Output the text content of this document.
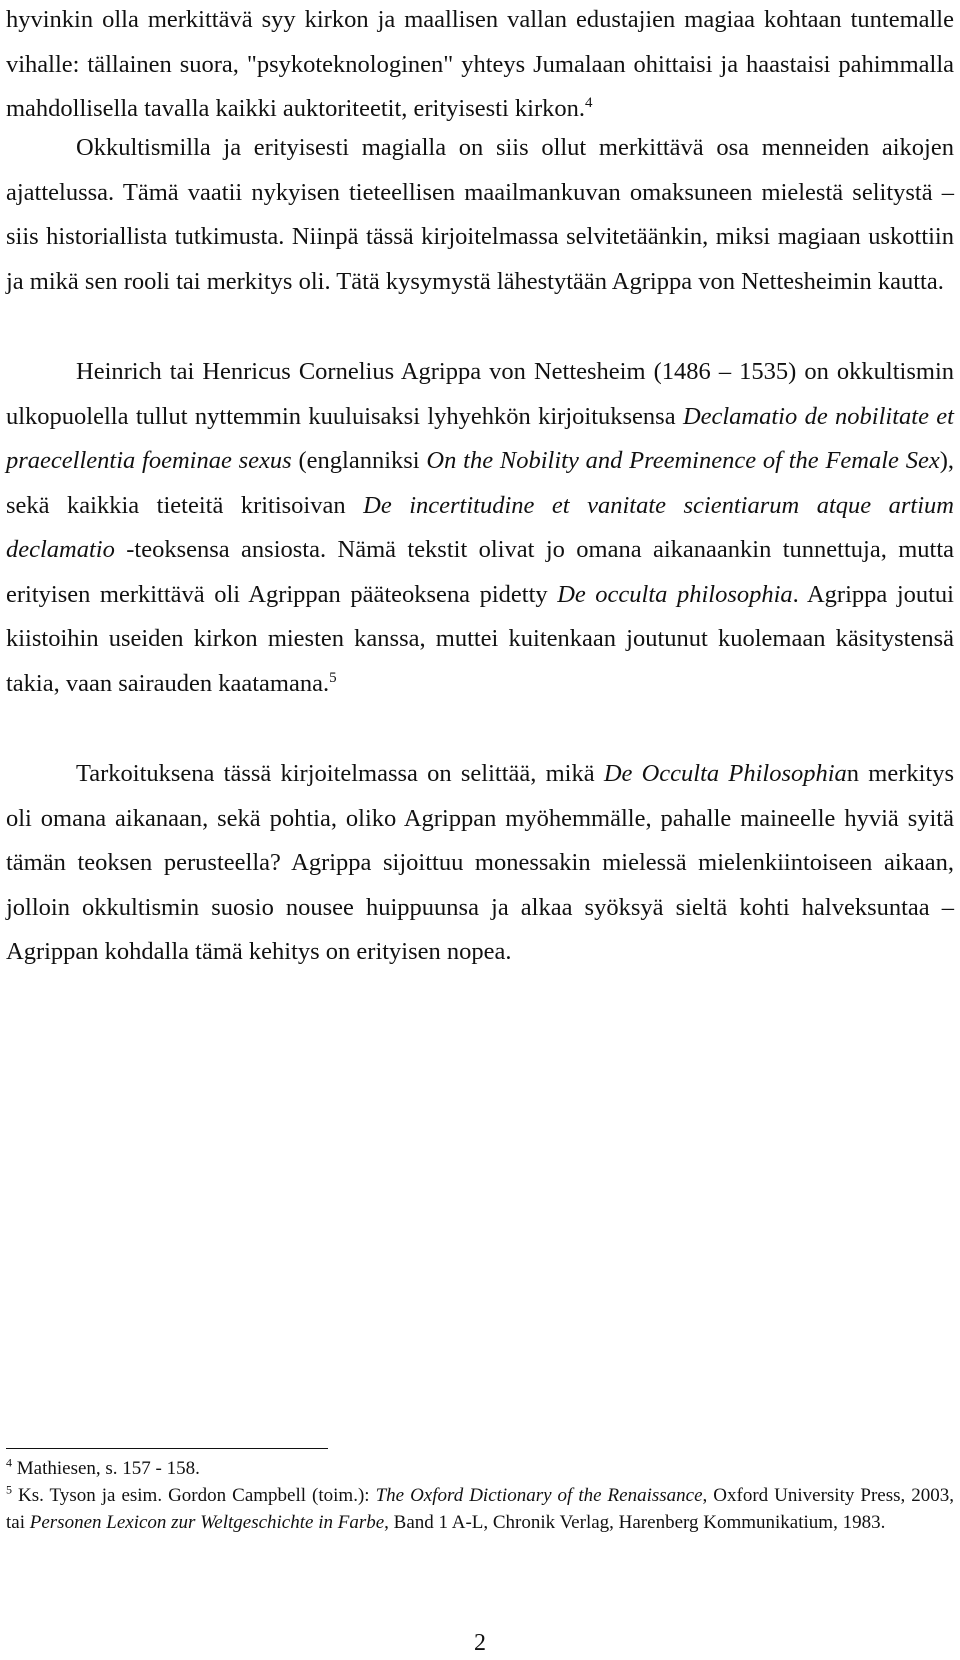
hyvinkin olla merkittävä syy kirkon ja maallisen vallan edustajien magiaa kohtaan tuntemalle vihalle: tällainen suora, "psykoteknologinen" yhteys Jumalaan ohittaisi ja haastaisi pahimmalla mahdollisella tavalla kaikki auktoriteetit, erityisesti kirkon.$^4$

Okkultismilla ja erityisesti magialla on siis ollut merkittävä osa menneiden aikojen ajattelussa. Tämä vaatii nykyisen tieteellisen maailmankuvan omaksuneen mielestä selitystä – siis historiallista tutkimusta. Niinpä tässä kirjoitelmassa selvitetäänkin, miksi magiaan uskottiin ja mikä sen rooli tai merkitys oli. Tätä kysymystä lähestytään Agrippa von Nettesheimin kautta.

Heinrich tai Henricus Cornelius Agrippa von Nettesheim (1486 – 1535) on okkultismin ulkopuolella tullut nyttemmin kuuluisaksi lyhyehkön kirjoituksensa Declamatio de nobilitate et praecellentia foeminae sexus (englanniksi On the Nobility and Preeminence of the Female Sex), sekä kaikkia tieteitä kritisoivan De incertitudine et vanitate scientiarum atque artium declamatio -teoksensa ansiosta. Nämä tekstit olivat jo omana aikanaankin tunnettuja, mutta erityisen merkittävä oli Agrippan pääteoksena pidetty De occulta philosophia. Agrippa joutui kiistoihin useiden kirkon miesten kanssa, muttei kuitenkaan joutunut kuolemaan käsitystensä takia, vaan sairauden kaatamana.$^5$

Tarkoituksena tässä kirjoitelmassa on selittää, mikä De Occulta Philosophian merkitys oli omana aikanaan, sekä pohtia, oliko Agrippan myöhemmälle, pahalle maineelle hyviä syitä tämän teoksen perusteella? Agrippa sijoittuu monessakin mielessä mielenkiintoiseen aikaan, jolloin okkultismin suosio nousee huippuunsa ja alkaa syöksyä sieltä kohti halveksuntaa – Agrippan kohdalla tämä kehitys on erityisen nopea.

$^4$ Mathiesen, s. 157 - 158.

$^5$ Ks. Tyson ja esim. Gordon Campbell (toim.): The Oxford Dictionary of the Renaissance, Oxford University Press, 2003, tai Personen Lexicon zur Weltgeschichte in Farbe, Band 1 A-L, Chronik Verlag, Harenberg Kommunikatium, 1983.

2
